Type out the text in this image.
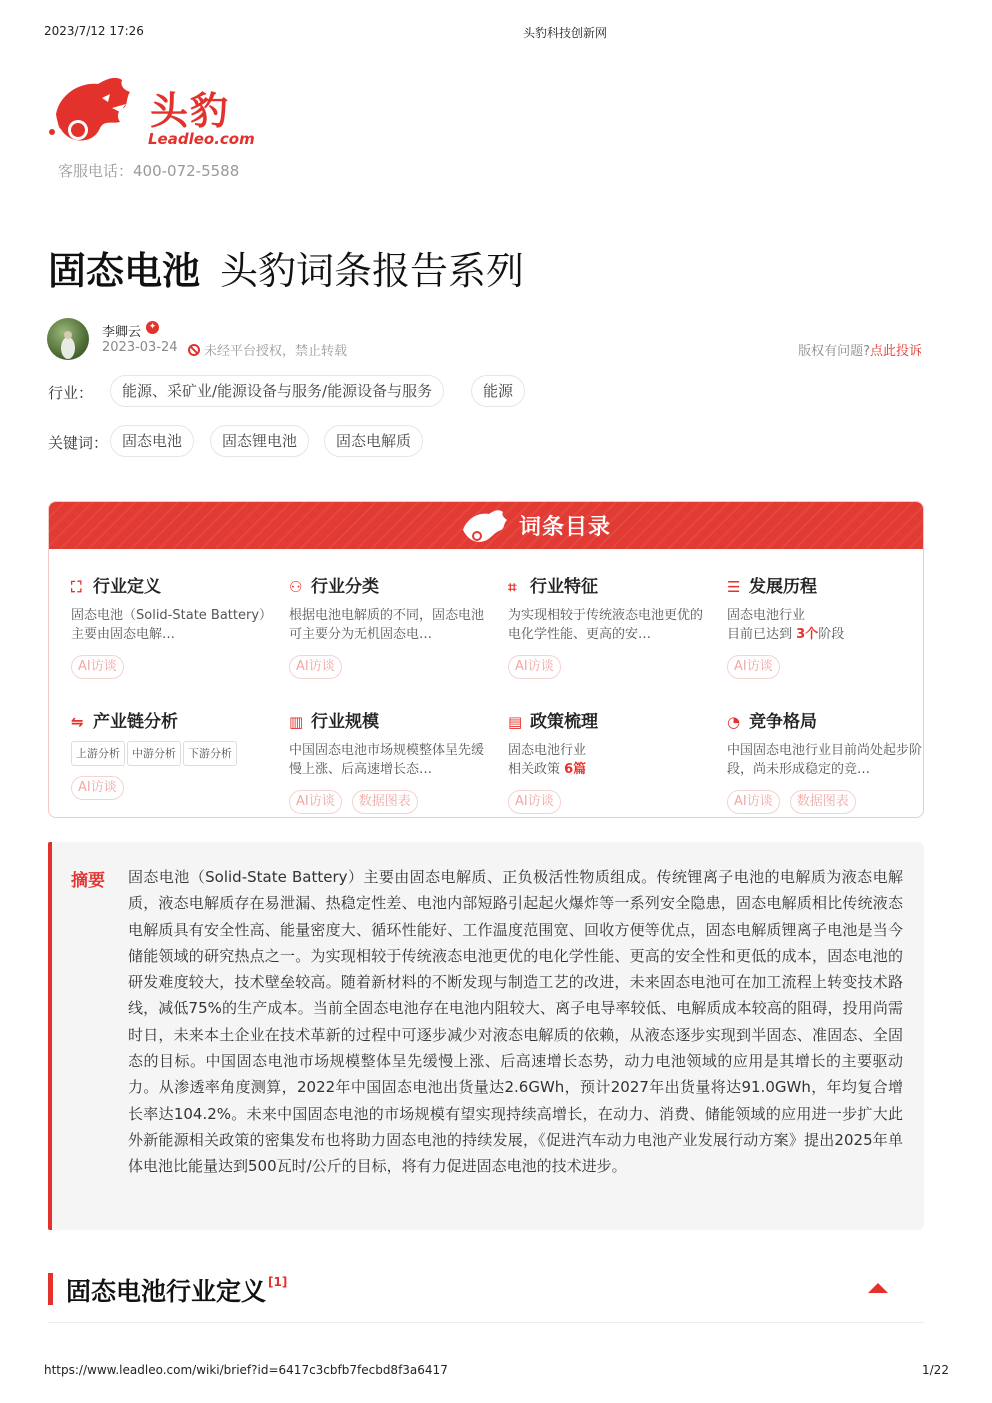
2023/7/12 17:26	头豹科技创新网
头豹
Leadleo.com
客服电话：400-072-5588
固态电池 头豹词条报告系列
李卿云 ✦
2023-03-24	未经平台授权，禁止转载	版权有问题?点此投诉
行业：	能源、采矿业/能源设备与服务/能源设备与服务	能源
关键词： 固态电池	固态锂电池	固态电解质
词条目录
⛶ 行业定义
固态电池（Solid-State Battery）主要由固态电解…
AI访谈
⚇ 行业分类
根据电池电解质的不同，固态电池可主要分为无机固态电…
AI访谈
⌗ 行业特征
为实现相较于传统液态电池更优的电化学性能、更高的安…
AI访谈
☰ 发展历程
固态电池行业
目前已达到 3个阶段
AI访谈
⇋ 产业链分析
上游分析 中游分析 下游分析
AI访谈
▥ 行业规模
中国固态电池市场规模整体呈先缓慢上涨、后高速增长态…
AI访谈 数据图表
▤ 政策梳理
固态电池行业
相关政策 6篇
AI访谈
◔ 竞争格局
中国固态电池行业目前尚处起步阶段，尚未形成稳定的竞…
AI访谈 数据图表
摘要 固态电池（Solid-State Battery）主要由固态电解质、正负极活性物质组成。传统锂离子电池的电解质为液态电解质，液态电解质存在易泄漏、热稳定性差、电池内部短路引起起火爆炸等一系列安全隐患，固态电解质相比传统液态电解质具有安全性高、能量密度大、循环性能好、工作温度范围宽、回收方便等优点，固态电解质锂离子电池是当今储能领域的研究热点之一。为实现相较于传统液态电池更优的电化学性能、更高的安全性和更低的成本，固态电池的研发难度较大，技术壁垒较高。随着新材料的不断发现与制造工艺的改进，未来固态电池可在加工流程上转变技术路线，减低75%的生产成本。当前全固态电池存在电池内阻较大、离子电导率较低、电解质成本较高的阻碍，投用尚需时日，未来本土企业在技术革新的过程中可逐步减少对液态电解质的依赖，从液态逐步实现到半固态、准固态、全固态的目标。中国固态电池市场规模整体呈先缓慢上涨、后高速增长态势，动力电池领域的应用是其增长的主要驱动力。从渗透率角度测算，2022年中国固态电池出货量达2.6GWh，预计2027年出货量将达91.0GWh，年均复合增长率达104.2%。未来中国固态电池的市场规模有望实现持续高增长，在动力、消费、储能领域的应用进一步扩大此外新能源相关政策的密集发布也将助力固态电池的持续发展，《促进汽车动力电池产业发展行动方案》提出2025年单体电池比能量达到500瓦时/公斤的目标，将有力促进固态电池的技术进步。
固态电池行业定义 [1]
https://www.leadleo.com/wiki/brief?id=6417c3cbfb7fecbd8f3a6417	1/22
